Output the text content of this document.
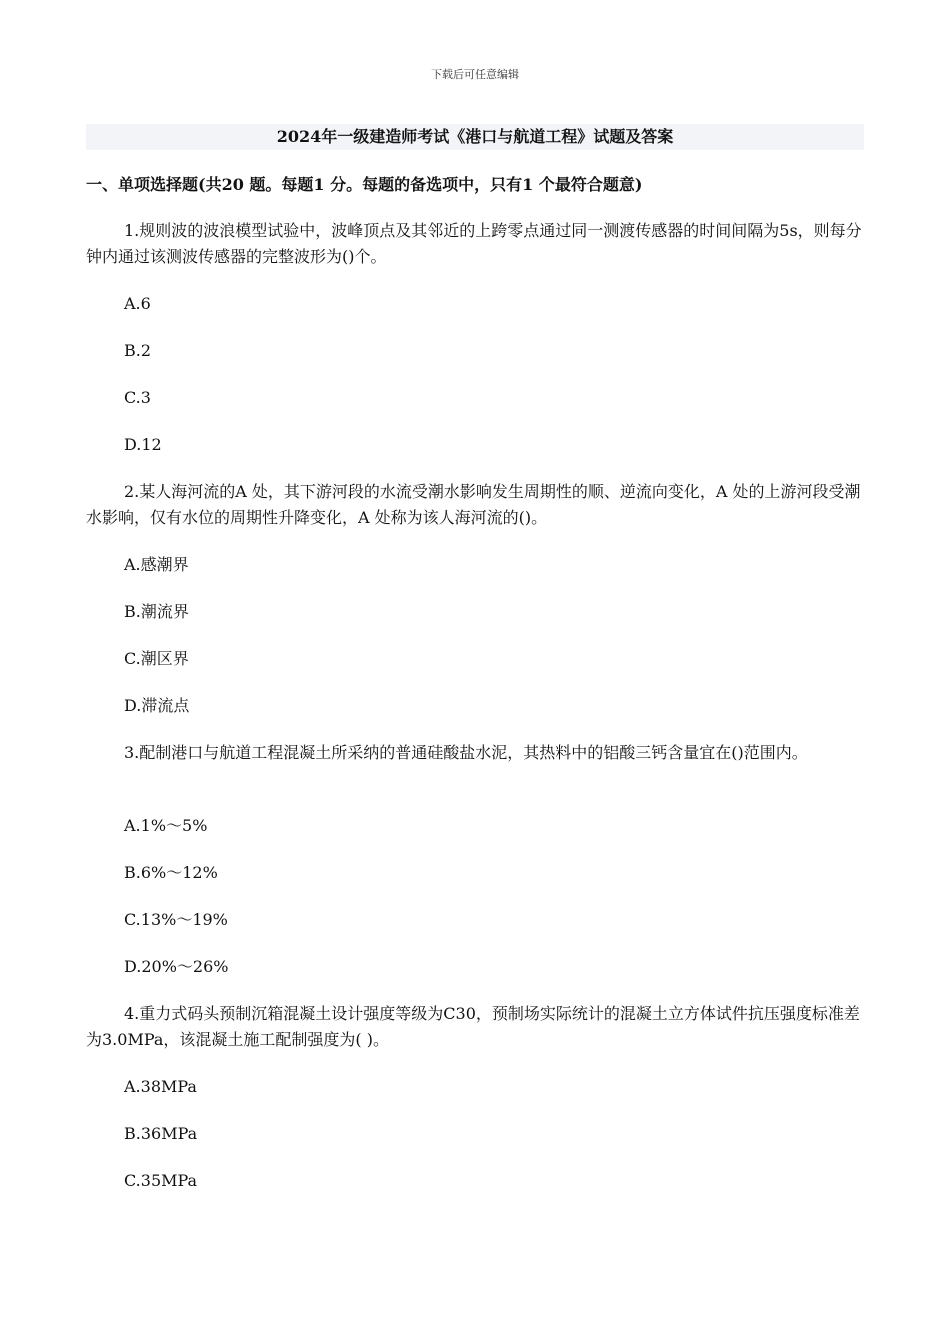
下载后可任意编辑
2024年一级建造师考试《港口与航道工程》试题及答案
一、单项选择题(共20 题。每题1 分。每题的备选项中，只有1 个最符合题意)
1.规则波的波浪模型试验中，波峰顶点及其邻近的上跨零点通过同一测渡传感器的时间间隔为5s，则每分钟内通过该测波传感器的完整波形为()个。
A.6
B.2
C.3
D.12
2.某人海河流的A 处，其下游河段的水流受潮水影响发生周期性的顺、逆流向变化，A 处的上游河段受潮水影响，仅有水位的周期性升降变化，A 处称为该人海河流的()。
A.感潮界
B.潮流界
C.潮区界
D.滞流点
3.配制港口与航道工程混凝土所采纳的普通硅酸盐水泥，其热料中的铝酸三钙含量宜在()范围内。
A.1%～5%
B.6%～12%
C.13%～19%
D.20%～26%
4.重力式码头预制沉箱混凝土设计强度等级为C30，预制场实际统计的混凝土立方体试件抗压强度标准差为3.0MPa，该混凝土施工配制强度为( )。
A.38MPa
B.36MPa
C.35MPa
